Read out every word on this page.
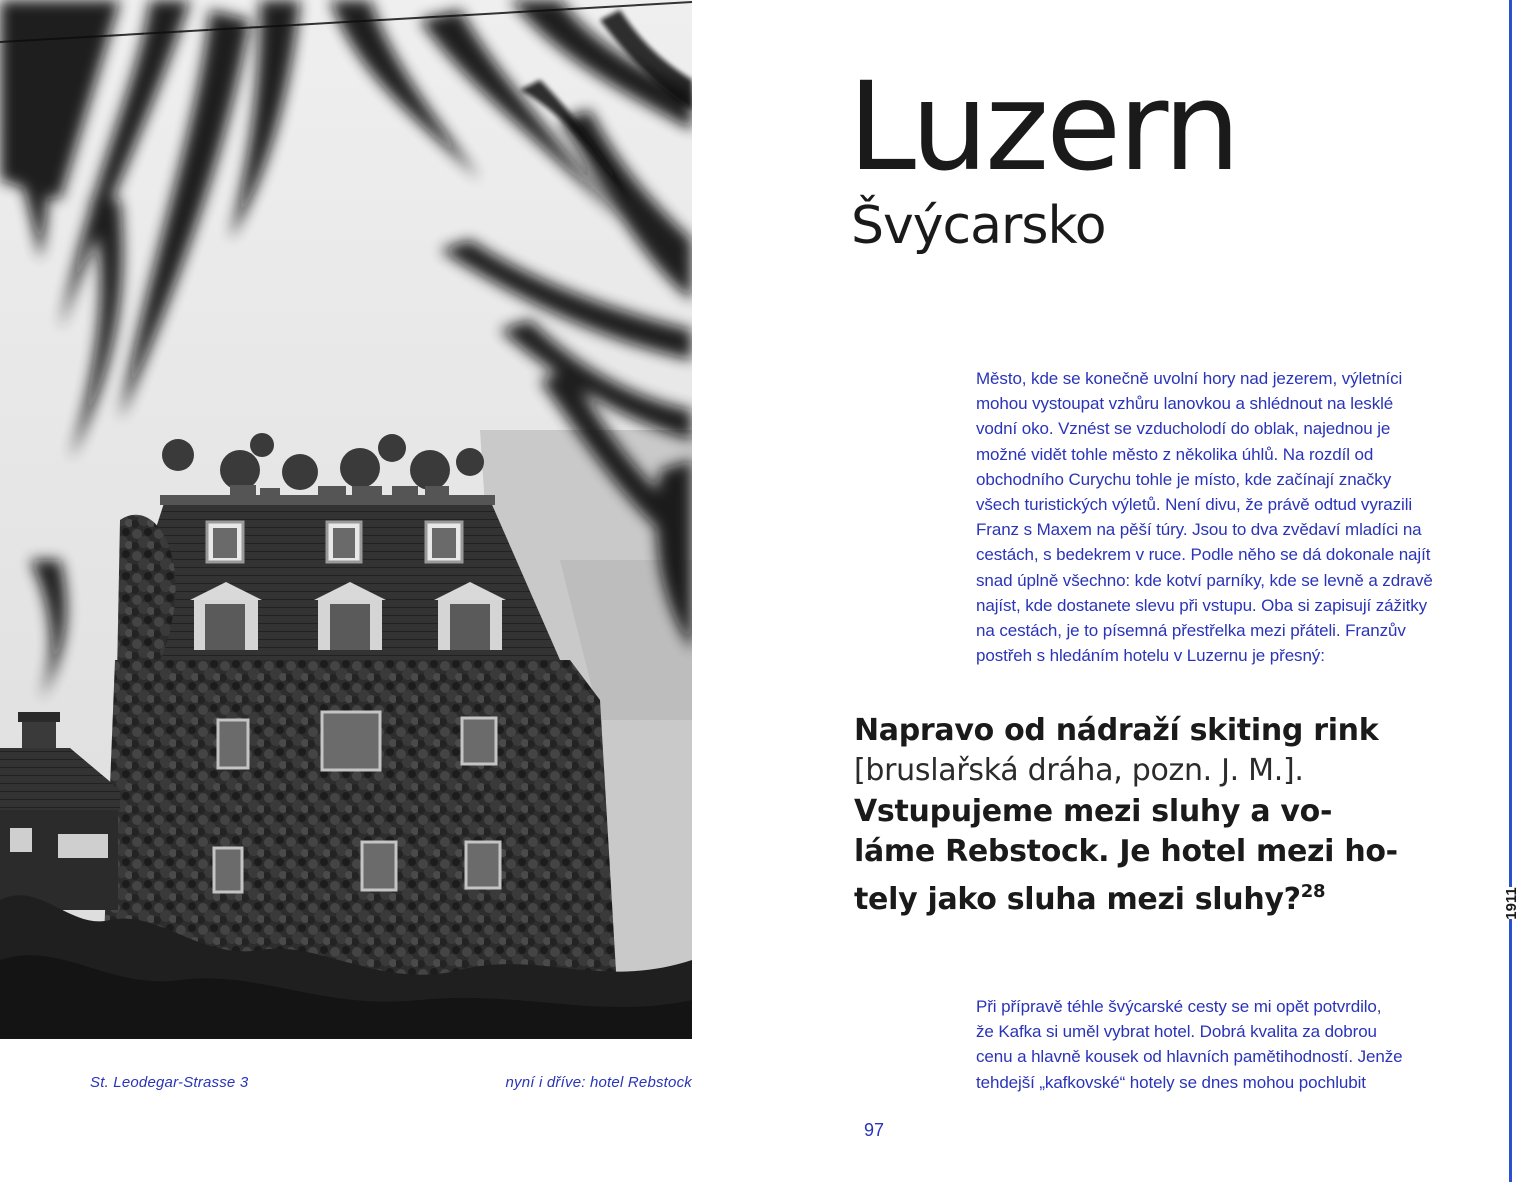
St. Leodegar-Strasse 3	nyní i dříve: hotel Rebstock
Luzern
Švýcarsko

Město, kde se konečně uvolní hory nad jezerem, výletníci
mohou vystoupat vzhůru lanovkou a shlédnout na lesklé
vodní oko. Vznést se vzducholodí do oblak, najednou je
možné vidět tohle město z několika úhlů. Na rozdíl od
obchodního Curychu tohle je místo, kde začínají značky
všech turistických výletů. Není divu, že právě odtud vyrazili
Franz s Maxem na pěší túry. Jsou to dva zvědaví mladíci na
cestách, s bedekrem v ruce. Podle něho se dá dokonale najít
snad úplně všechno: kde kotví parníky, kde se levně a zdravě
najíst, kde dostanete slevu při vstupu. Oba si zapisují zážitky
na cestách, je to písemná přestřelka mezi přáteli. Franzův
postřeh s hledáním hotelu v Luzernu je přesný:

Napravo od nádraží skiting rink
[bruslařská dráha, pozn. J. M.].
Vstupujeme mezi sluhy a vo-
láme Rebstock. Je hotel mezi ho-
tely jako sluha mezi sluhy?$^{28}$

Při přípravě téhle švýcarské cesty se mi opět potvrdilo,
že Kafka si uměl vybrat hotel. Dobrá kvalita za dobrou
cenu a hlavně kousek od hlavních pamětihodností. Jenže
tehdejší „kafkovské“ hotely se dnes mohou pochlubit

97
1911
